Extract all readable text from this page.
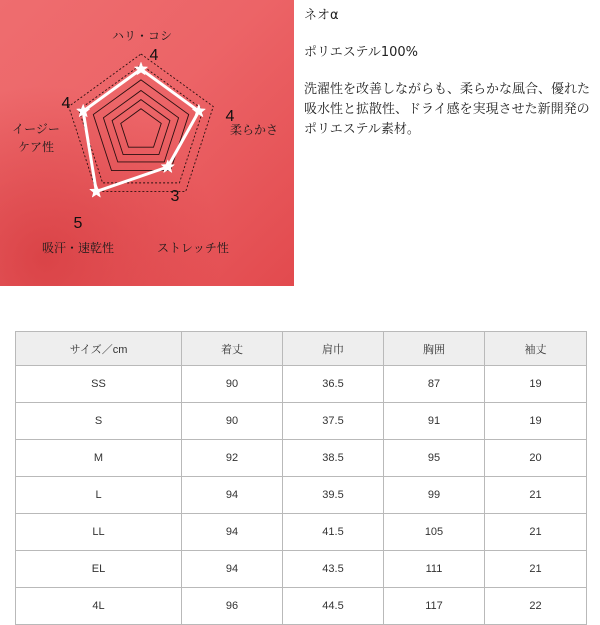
ハリ・コシ
4
柔らかさ
4
ストレッチ性
3
吸汗・速乾性
5
イージーケア性
4
ネオα
ポリエステル100%
洗濯性を改善しながらも、柔らかな風合、優れた吸水性と拡散性、ドライ感を実現させた新開発のポリエステル素材。
サイズ／cm	着丈	肩巾	胸囲	袖丈
SS	90	36.5	87	19
S	90	37.5	91	19
M	92	38.5	95	20
L	94	39.5	99	21
LL	94	41.5	105	21
EL	94	43.5	111	21
4L	96	44.5	117	22
